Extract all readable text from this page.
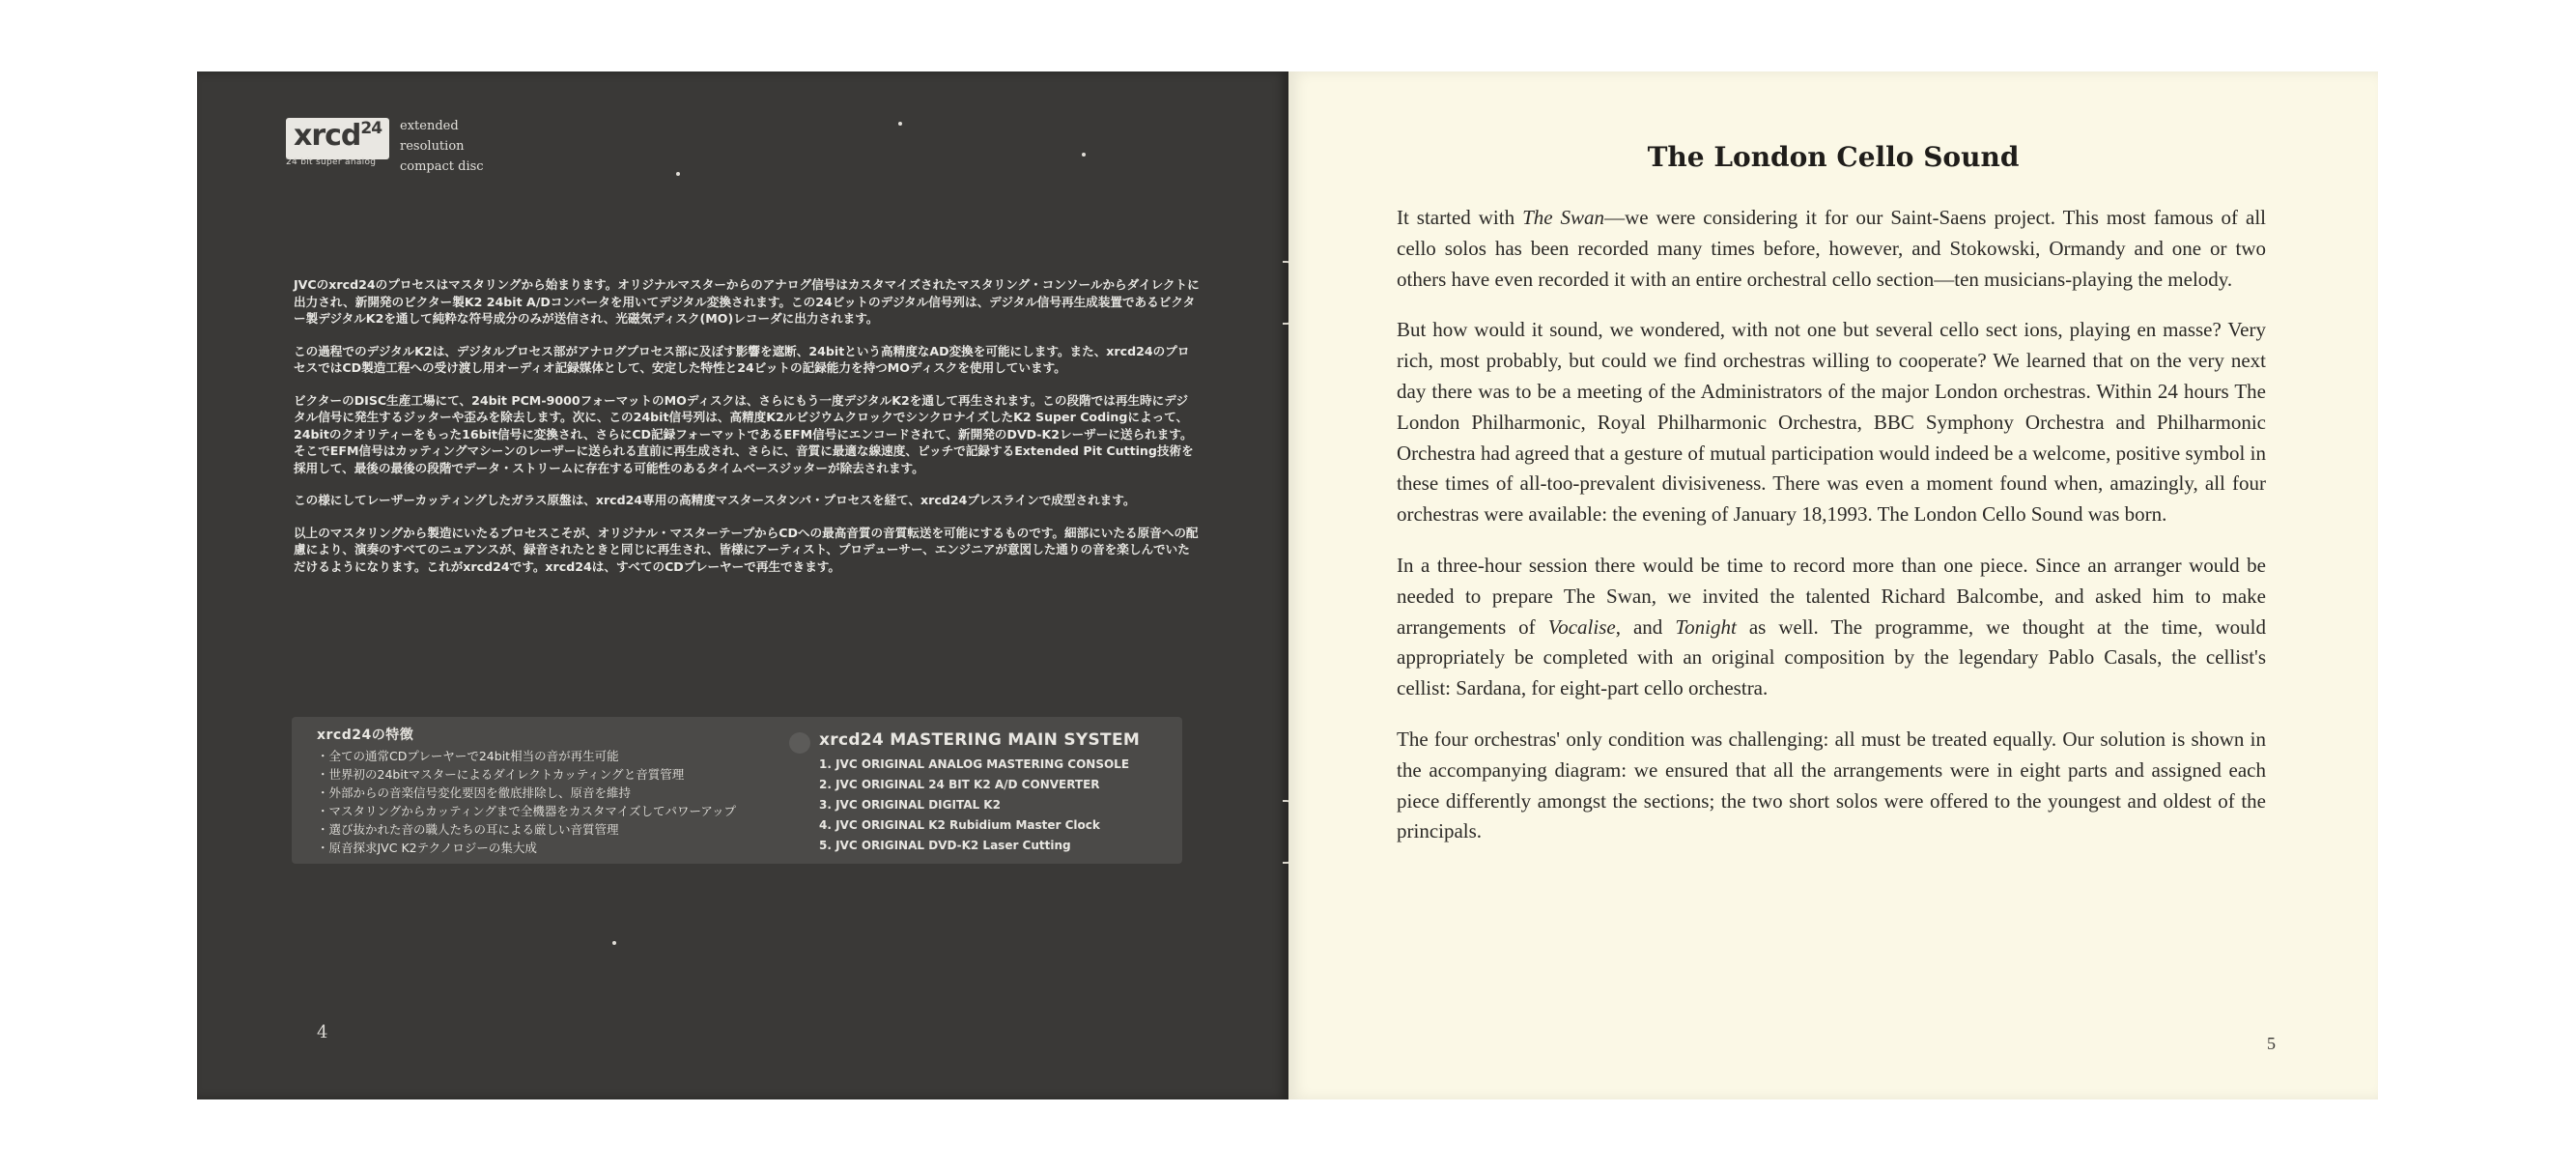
xrcd$^{24}$
24 bit super analog
extended
resolution
compact disc

JVCのxrcd24のプロセスはマスタリングから始まります。オリジナルマスターからのアナログ信号はカスタマイズされたマスタリング・コンソールからダイレクトに出力され、新開発のビクター製K2 24bit A/Dコンバータを用いてデジタル変換されます。この24ビットのデジタル信号列は、デジタル信号再生成装置であるビクター製デジタルK2を通して純粋な符号成分のみが送信され、光磁気ディスク(MO)レコーダに出力されます。

この過程でのデジタルK2は、デジタルプロセス部がアナログプロセス部に及ぼす影響を遮断、24bitという高精度なAD変換を可能にします。また、xrcd24のプロセスではCD製造工程への受け渡し用オーディオ記録媒体として、安定した特性と24ビットの記録能力を持つMOディスクを使用しています。

ビクターのDISC生産工場にて、24bit PCM-9000フォーマットのMOディスクは、さらにもう一度デジタルK2を通して再生されます。この段階では再生時にデジタル信号に発生するジッターや歪みを除去します。次に、この24bit信号列は、高精度K2ルビジウムクロックでシンクロナイズしたK2 Super Codingによって、24bitのクオリティーをもった16bit信号に変換され、さらにCD記録フォーマットであるEFM信号にエンコードされて、新開発のDVD-K2レーザーに送られます。そこでEFM信号はカッティングマシーンのレーザーに送られる直前に再生成され、さらに、音質に最適な線速度、ピッチで記録するExtended Pit Cutting技術を採用して、最後の最後の段階でデータ・ストリームに存在する可能性のあるタイムベースジッターが除去されます。

この様にしてレーザーカッティングしたガラス原盤は、xrcd24専用の高精度マスタースタンパ・プロセスを経て、xrcd24プレスラインで成型されます。

以上のマスタリングから製造にいたるプロセスこそが、オリジナル・マスターテープからCDへの最高音質の音質転送を可能にするものです。細部にいたる原音への配慮により、演奏のすべてのニュアンスが、録音されたときと同じに再生され、皆様にアーティスト、プロデューサー、エンジニアが意図した通りの音を楽しんでいただけるようになります。これがxrcd24です。xrcd24は、すべてのCDプレーヤーで再生できます。

xrcd24の特徴
・全ての通常CDプレーヤーで24bit相当の音が再生可能
・世界初の24bitマスターによるダイレクトカッティングと音質管理
・外部からの音楽信号変化要因を徹底排除し、原音を維持
・マスタリングからカッティングまで全機器をカスタマイズしてパワーアップ
・選び抜かれた音の職人たちの耳による厳しい音質管理
・原音探求JVC K2テクノロジーの集大成
xrcd24 MASTERING MAIN SYSTEM
1. JVC ORIGINAL ANALOG MASTERING CONSOLE
2. JVC ORIGINAL 24 BIT K2 A/D CONVERTER
3. JVC ORIGINAL DIGITAL K2
4. JVC ORIGINAL K2 Rubidium Master Clock
5. JVC ORIGINAL DVD-K2 Laser Cutting
4
The London Cello Sound

It started with The Swan—we were considering it for our Saint-Saens project. This most famous of all cello solos has been recorded many times before, however, and Stokowski, Ormandy and one or two others have even recorded it with an entire orchestral cello section—ten musicians-playing the melody.

But how would it sound, we wondered, with not one but several cello sect ions, playing en masse? Very rich, most probably, but could we find orchestras willing to cooperate? We learned that on the very next day there was to be a meeting of the Administrators of the major London orchestras. Within 24 hours The London Philharmonic, Royal Philharmonic Orchestra, BBC Symphony Orchestra and Philharmonic Orchestra had agreed that a gesture of mutual participation would indeed be a welcome, positive symbol in these times of all-too-prevalent divisiveness. There was even a moment found when, amazingly, all four orchestras were available: the evening of January 18,1993. The London Cello Sound was born.

In a three-hour session there would be time to record more than one piece. Since an arranger would be needed to prepare The Swan, we invited the talented Richard Balcombe, and asked him to make arrangements of Vocalise, and Tonight as well. The programme, we thought at the time, would appropriately be completed with an original composition by the legendary Pablo Casals, the cellist's cellist: Sardana, for eight-part cello orchestra.

The four orchestras' only condition was challenging: all must be treated equally. Our solution is shown in the accompanying diagram: we ensured that all the arrangements were in eight parts and assigned each piece differently amongst the sections; the two short solos were offered to the youngest and oldest of the principals.

5
